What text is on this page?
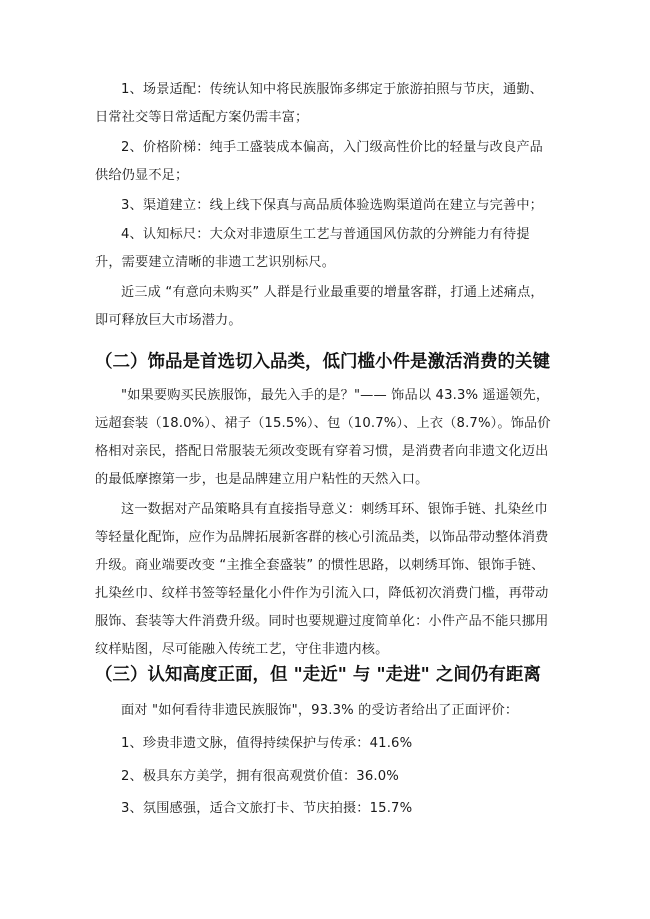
1、场景适配：传统认知中将民族服饰多绑定于旅游拍照与节庆，通勤、日常社交等日常适配方案仍需丰富；

2、价格阶梯：纯手工盛装成本偏高，入门级高性价比的轻量与改良产品供给仍显不足；

3、渠道建立：线上线下保真与高品质体验选购渠道尚在建立与完善中；

4、认知标尺：大众对非遗原生工艺与普通国风仿款的分辨能力有待提升，需要建立清晰的非遗工艺识别标尺。

近三成 “有意向未购买” 人群是行业最重要的增量客群，打通上述痛点，即可释放巨大市场潜力。

（二）饰品是首选切入品类，低门槛小件是激活消费的关键

"如果要购买民族服饰，最先入手的是？"—— 饰品以 43.3% 遥遥领先，远超套装（18.0%）、裙子（15.5%）、包（10.7%）、上衣（8.7%）。饰品价格相对亲民，搭配日常服装无须改变既有穿着习惯，是消费者向非遗文化迈出的最低摩擦第一步，也是品牌建立用户粘性的天然入口。

这一数据对产品策略具有直接指导意义：刺绣耳环、银饰手链、扎染丝巾等轻量化配饰，应作为品牌拓展新客群的核心引流品类，以饰品带动整体消费升级。商业端要改变 “主推全套盛装” 的惯性思路，以刺绣耳饰、银饰手链、扎染丝巾、纹样书签等轻量化小件作为引流入口，降低初次消费门槛，再带动服饰、套装等大件消费升级。同时也要规避过度简单化：小件产品不能只挪用纹样贴图，尽可能融入传统工艺，守住非遗内核。

（三）认知高度正面，但 "走近" 与 "走进" 之间仍有距离

面对 "如何看待非遗民族服饰"，93.3% 的受访者给出了正面评价：

1、珍贵非遗文脉，值得持续保护与传承：41.6%

2、极具东方美学，拥有很高观赏价值：36.0%

3、氛围感强，适合文旅打卡、节庆拍摄：15.7%
